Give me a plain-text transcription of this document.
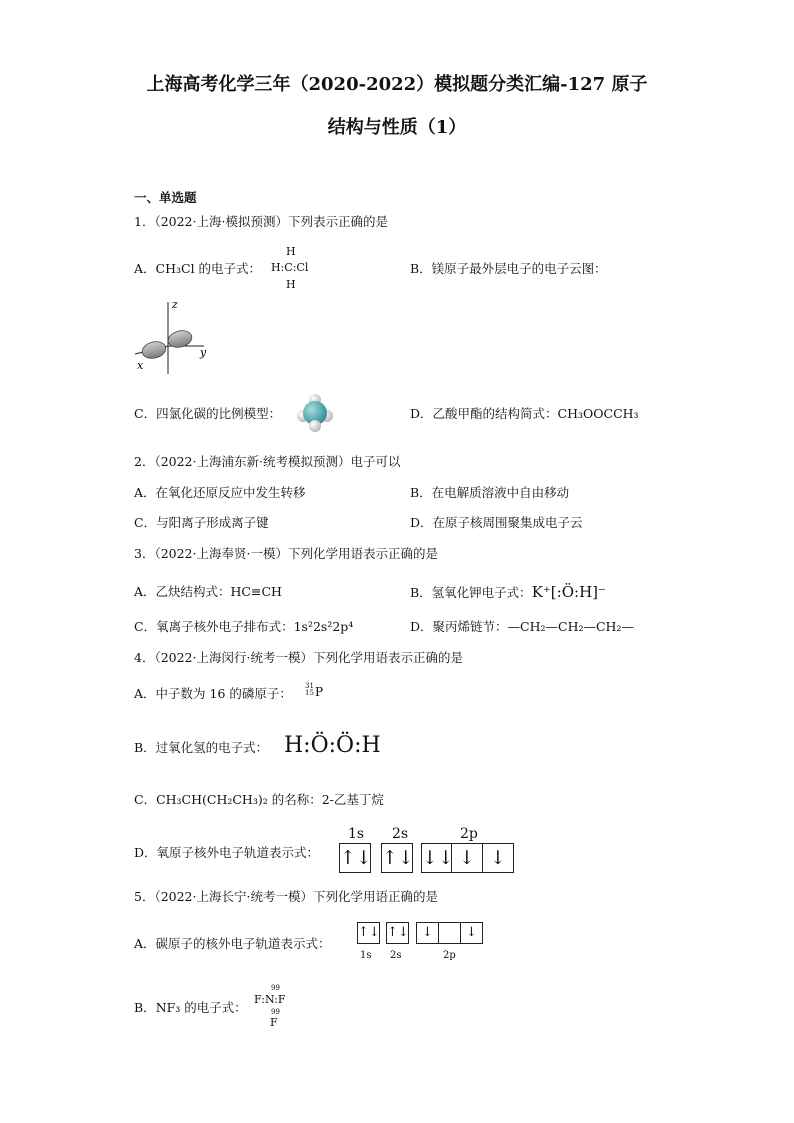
上海高考化学三年（2020-2022）模拟题分类汇编-127 原子
结构与性质（1）
一、单选题
1．（2022·上海·模拟预测）下列表示正确的是
A．CH₃Cl 的电子式：
H
H:C:Cl
H
B．镁原子最外层电子的电子云图：
z
y
x
C．四氯化碳的比例模型：	D．乙酸甲酯的结构简式：CH₃OOCCH₃
2．（2022·上海浦东新·统考模拟预测）电子可以
A．在氧化还原反应中发生转移	B．在电解质溶液中自由移动
C．与阳离子形成离子键	D．在原子核周围聚集成电子云
3．（2022·上海奉贤·一模）下列化学用语表示正确的是
A．乙炔结构式：HC≡CH	B．氢氧化钾电子式：K⁺[:Ö:H]⁻
C．氧离子核外电子排布式：1s²2s²2p⁴	D．聚丙烯链节：—CH₂—CH₂—CH₂—
4．（2022·上海闵行·统考一模）下列化学用语表示正确的是
A．中子数为 16 的磷原子： 31
15 P
B．过氧化氢的电子式： H:Ö:Ö:H
C．CH₃CH(CH₂CH₃)₂ 的名称：2-乙基丁烷
D．氧原子核外电子轨道表示式：
1s 2s	2p
↑↓ ↑↓ ↓↓ ↓ ↓
5．（2022·上海长宁·统考一模）下列化学用语正确的是
A．碳原子的核外电子轨道表示式：
↑↓ ↑↓	↓	↓
1s 2s	2p
B．NF₃ 的电子式：
99
F:N:F
99
F
